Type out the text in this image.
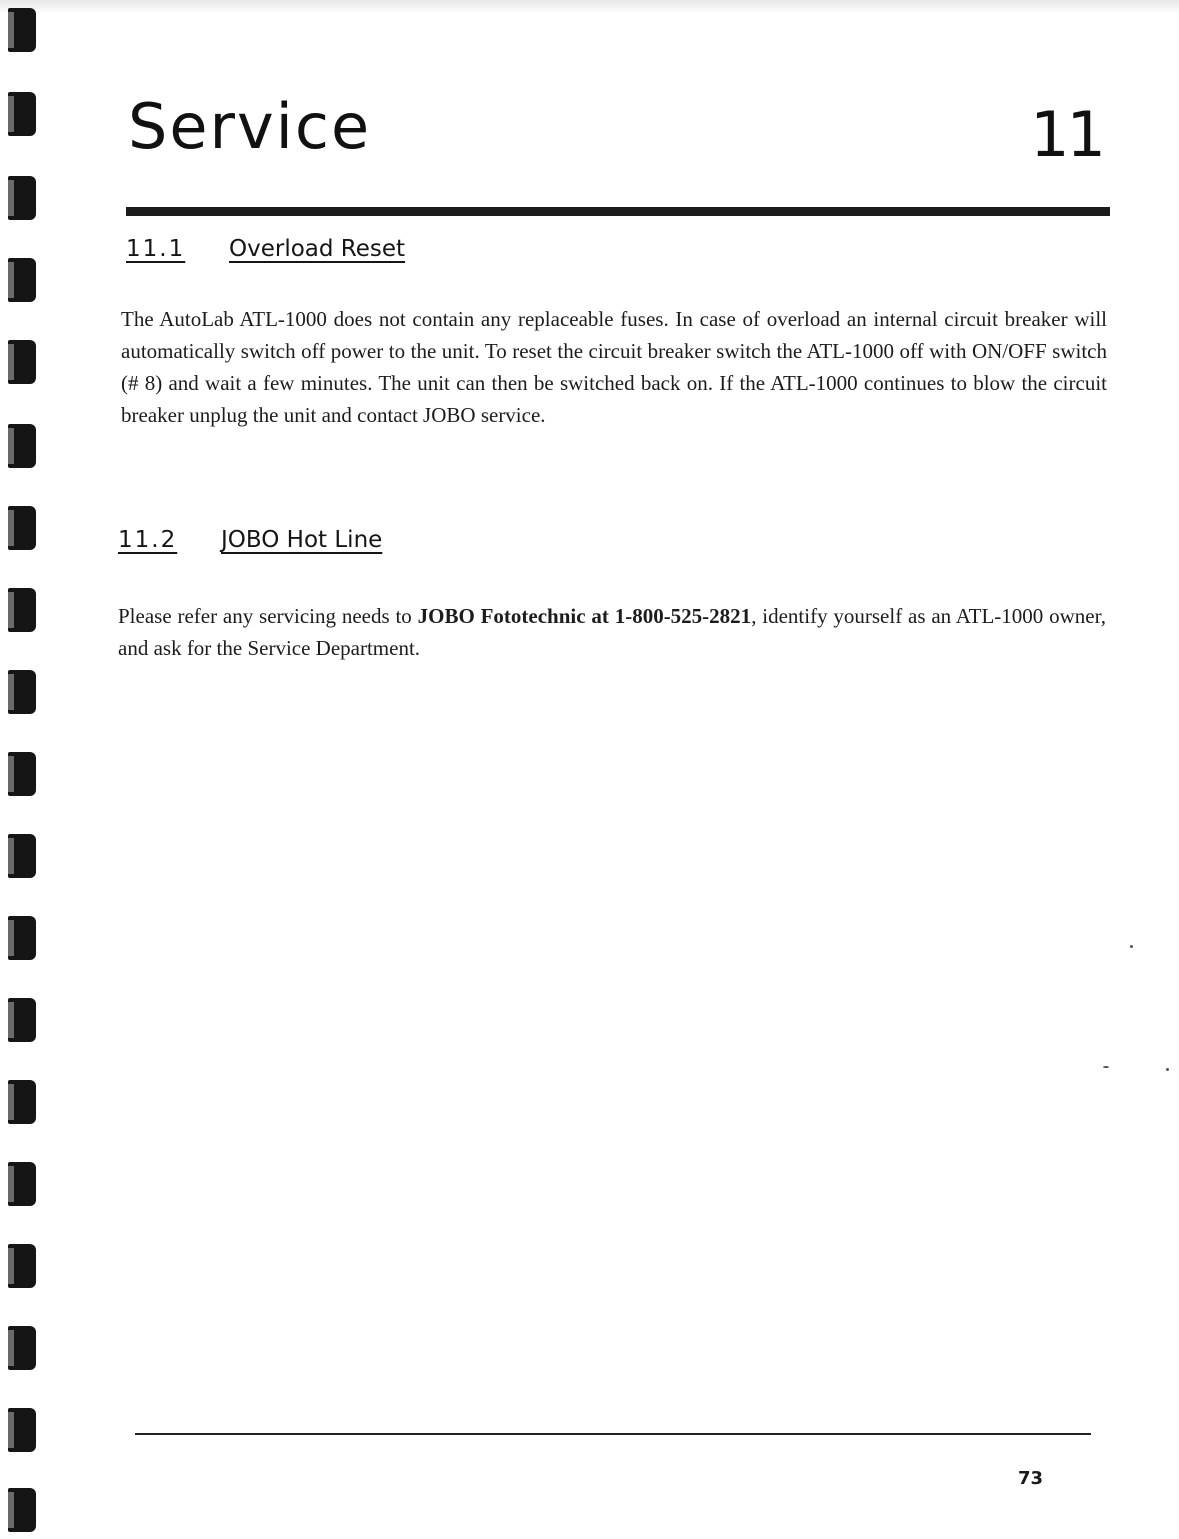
Service	11
11.1	Overload Reset

The AutoLab ATL-1000 does not contain any replaceable fuses. In case of overload an internal circuit breaker will automatically switch off power to the unit. To reset the circuit breaker switch the ATL-1000 off with ON/OFF switch (# 8) and wait a few minutes. The unit can then be switched back on. If the ATL-1000 continues to blow the circuit breaker unplug the unit and contact JOBO service.

11.2	JOBO Hot Line

Please refer any servicing needs to JOBO Fototechnic at 1-800-525-2821, identify yourself as an ATL-1000 owner, and ask for the Service Department.

73
